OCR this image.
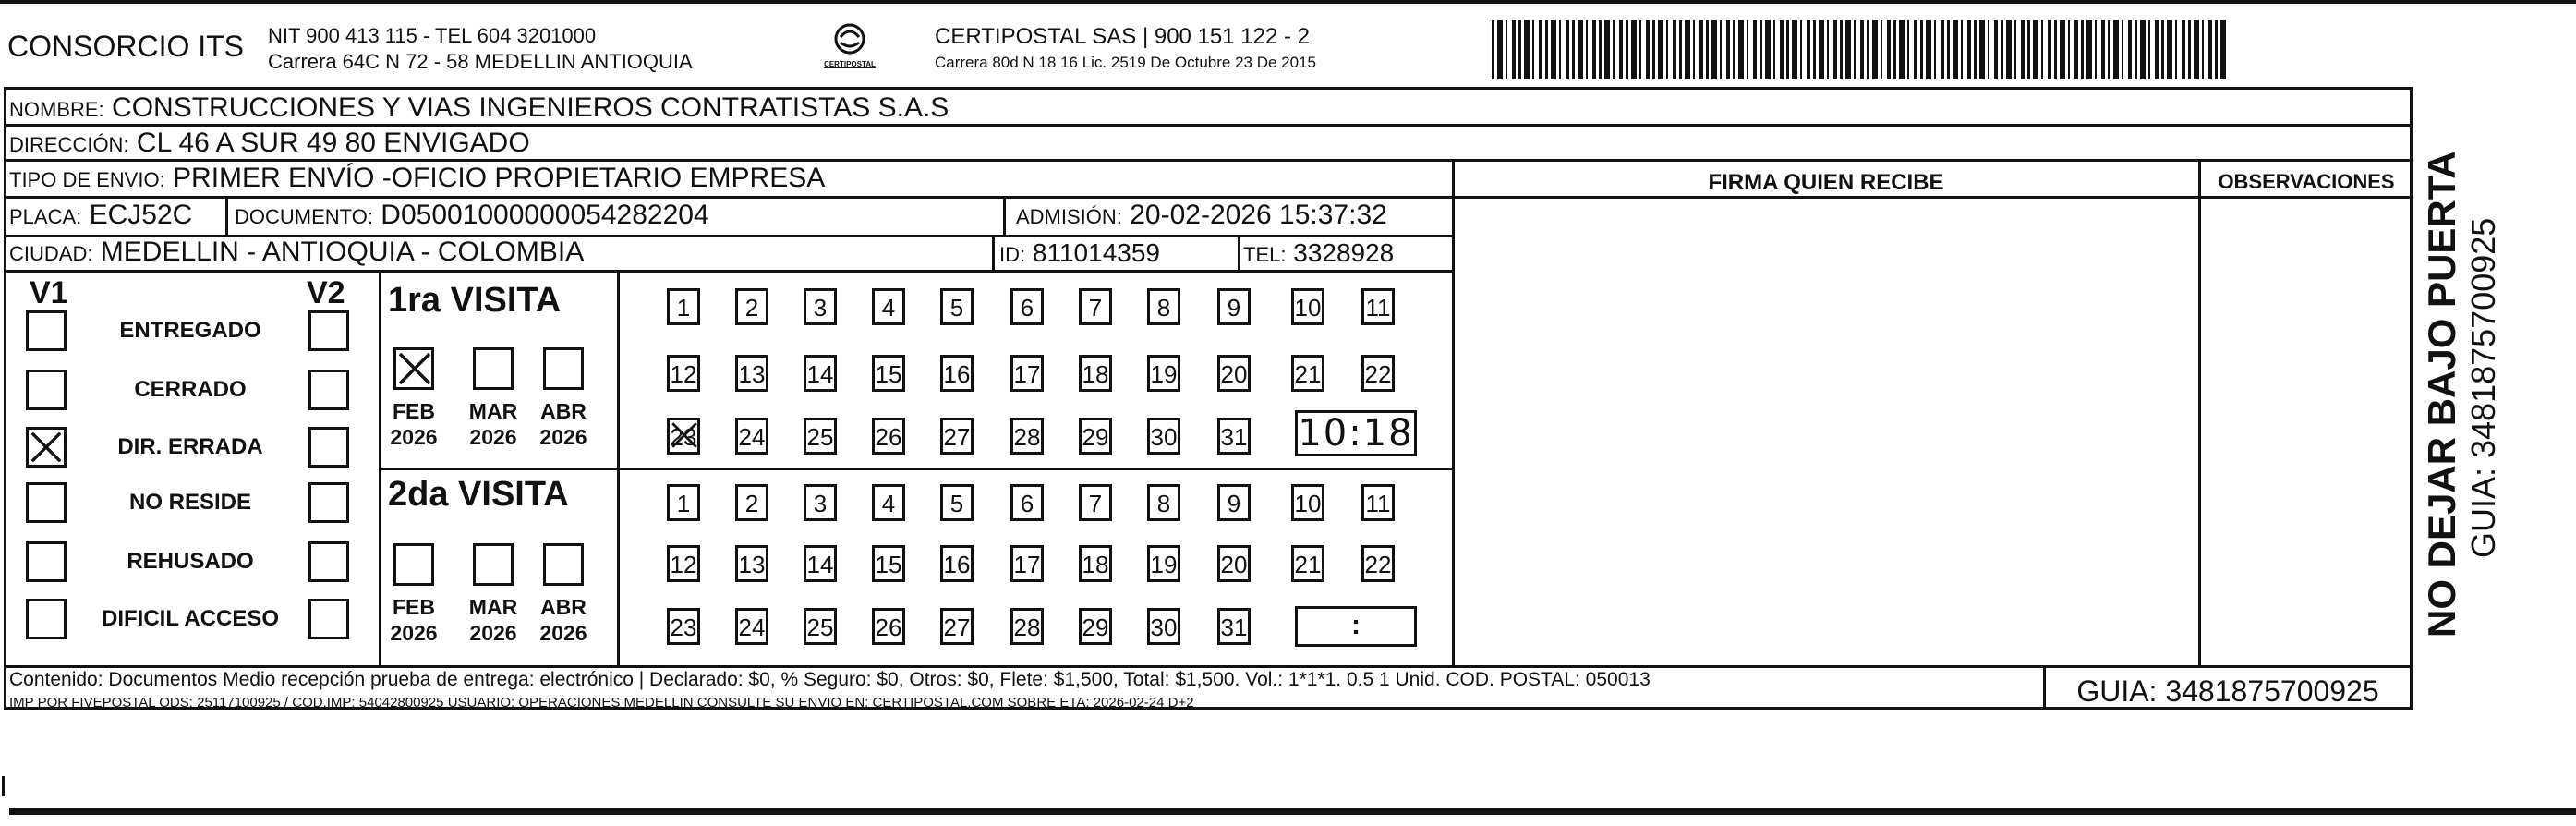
CONSORCIO ITS NIT 900 413 115 - TEL 604 3201000
Carrera 64C N 72 - 58 MEDELLIN ANTIOQUIA	CERTIPOSTAL
CERTIPOSTAL SAS | 900 151 122 - 2
Carrera 80d N 18 16 Lic. 2519 De Octubre 23 De 2015
NOMBRE: CONSTRUCCIONES Y VIAS INGENIEROS CONTRATISTAS S.A.S
DIRECCIÓN: CL 46 A SUR 49 80 ENVIGADO
TIPO DE ENVIO: PRIMER ENVÍO -OFICIO PROPIETARIO EMPRESA	FIRMA QUIEN RECIBE	OBSERVACIONES
PLACA: ECJ52C DOCUMENTO: D05001000000054282204	ADMISIÓN: 20-02-2026 15:37:32
CIUDAD: MEDELLIN - ANTIOQUIA - COLOMBIA	ID: 811014359	TEL: 3328928
V1	V2
ENTREGADO
CERRADO
DIR. ERRADA
NO RESIDE
REHUSADO
DIFICIL ACCESO
1ra VISITA
2da VISITA
FEB
2026
MAR
2026
ABR
2026
FEB
2026
MAR
2026
ABR
2026
1	2	3	4	5	6	7	8	9	10 11
12 13 14 15 16 17 18 19 20 21 22
23 24 25 26 27 28 29 30 31
1	2	3	4	5	6	7	8	9	10 11
12 13 14 15 16 17 18 19 20 21 22
23 24 25 26 27 28 29 30 31
10:18
:
Contenido: Documentos Medio recepción prueba de entrega: electrónico | Declarado: $0, % Seguro: $0, Otros: $0, Flete: $1,500, Total: $1,500. Vol.: 1*1*1. 0.5 1 Unid. COD. POSTAL: 050013
IMP POR FIVEPOSTAL ODS: 25117100925 / COD.IMP: 54042800925 USUARIO: OPERACIONES MEDELLIN CONSULTE SU ENVIO EN: CERTIPOSTAL.COM SOBRE ETA: 2026-02-24 D+2	GUIA: 3481875700925
NO DEJAR BAJO PUERTA GUIA: 3481875700925
